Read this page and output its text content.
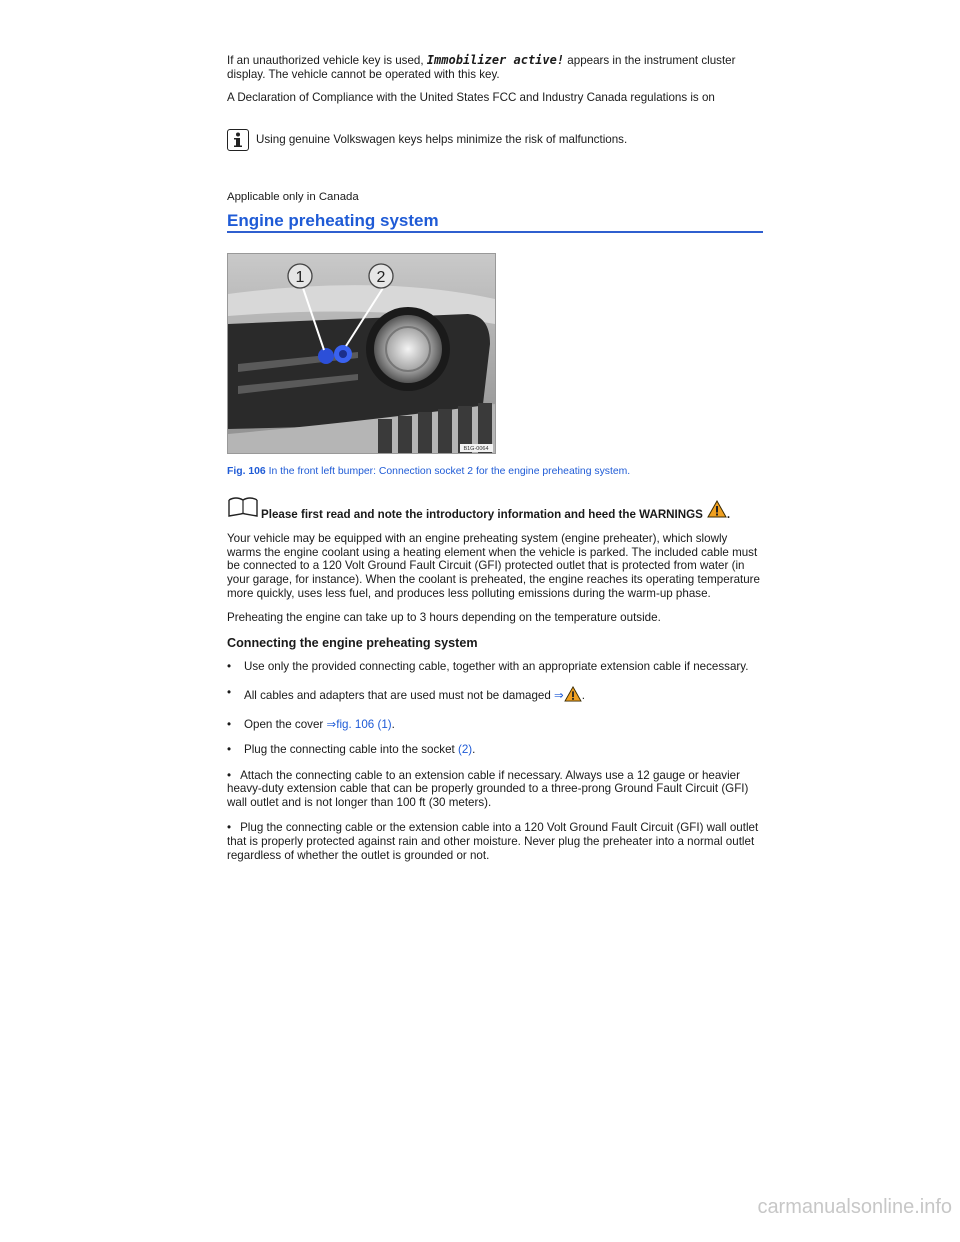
If an unauthorized vehicle key is used, Immobilizer active! appears in the instrument cluster display. The vehicle cannot be operated with this key.

A Declaration of Compliance with the United States FCC and Industry Canada regulations is on

Using genuine Volkswagen keys helps minimize the risk of malfunctions.

Applicable only in Canada

Engine preheating system
1	2
B1G-0064

Fig. 106 In the front left bumper: Connection socket 2 for the engine preheating system.

Please first read and note the introductory information and heed the WARNINGS .

Your vehicle may be equipped with an engine preheating system (engine preheater), which slowly warms the engine coolant using a heating element when the vehicle is parked. The included cable must be connected to a 120 Volt Ground Fault Circuit (GFI) protected outlet that is protected from water (in your garage, for instance). When the coolant is preheated, the engine reaches its operating temperature more quickly, uses less fuel, and produces less polluting emissions during the warm-up phase.

Preheating the engine can take up to 3 hours depending on the temperature outside.

Connecting the engine preheating system
• Use only the provided connecting cable, together with an appropriate extension cable if necessary.
• All cables and adapters that are used must not be damaged ⇒ .
• Open the cover ⇒fig. 106 (1).
• Plug the connecting cable into the socket (2).
• Attach the connecting cable to an extension cable if necessary. Always use a 12 gauge or heavier heavy-duty extension cable that can be properly grounded to a three-prong Ground Fault Circuit (GFI) wall outlet and is not longer than 100 ft (30 meters).
• Plug the connecting cable or the extension cable into a 120 Volt Ground Fault Circuit (GFI) wall outlet that is properly protected against rain and other moisture. Never plug the preheater into a normal outlet regardless of whether the outlet is grounded or not.
carmanualsonline.info
